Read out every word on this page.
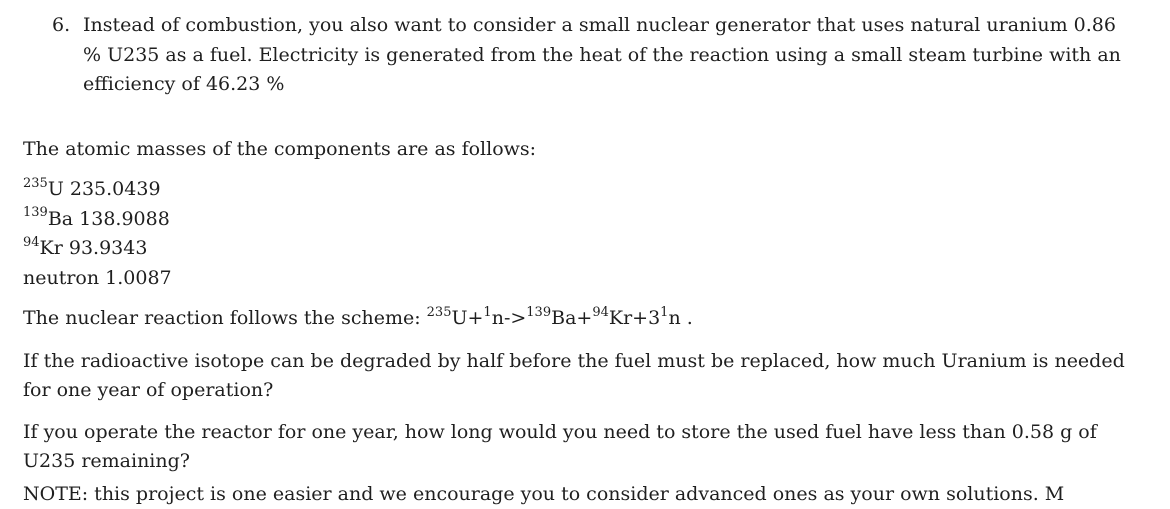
6. Instead of combustion, you also want to consider a small nuclear generator that uses natural uranium 0.86 % U235 as a fuel. Electricity is generated from the heat of the reaction using a small steam turbine with an efficiency of 46.23 %
The atomic masses of the components are as follows:
$^{235}$U 235.0439
$^{139}$Ba 138.9088
$^{94}$Kr 93.9343
neutron 1.0087
The nuclear reaction follows the scheme: $^{235}U+^1n->^{139}Ba+^{94}Kr+3^1n$ .
If the radioactive isotope can be degraded by half before the fuel must be replaced, how much Uranium is needed for one year of operation?
If you operate the reactor for one year, how long would you need to store the used fuel have less than 0.58 g of U235 remaining?
NOTE: this project is one easier and we encourage you to consider advanced ones as your own solutions. M
